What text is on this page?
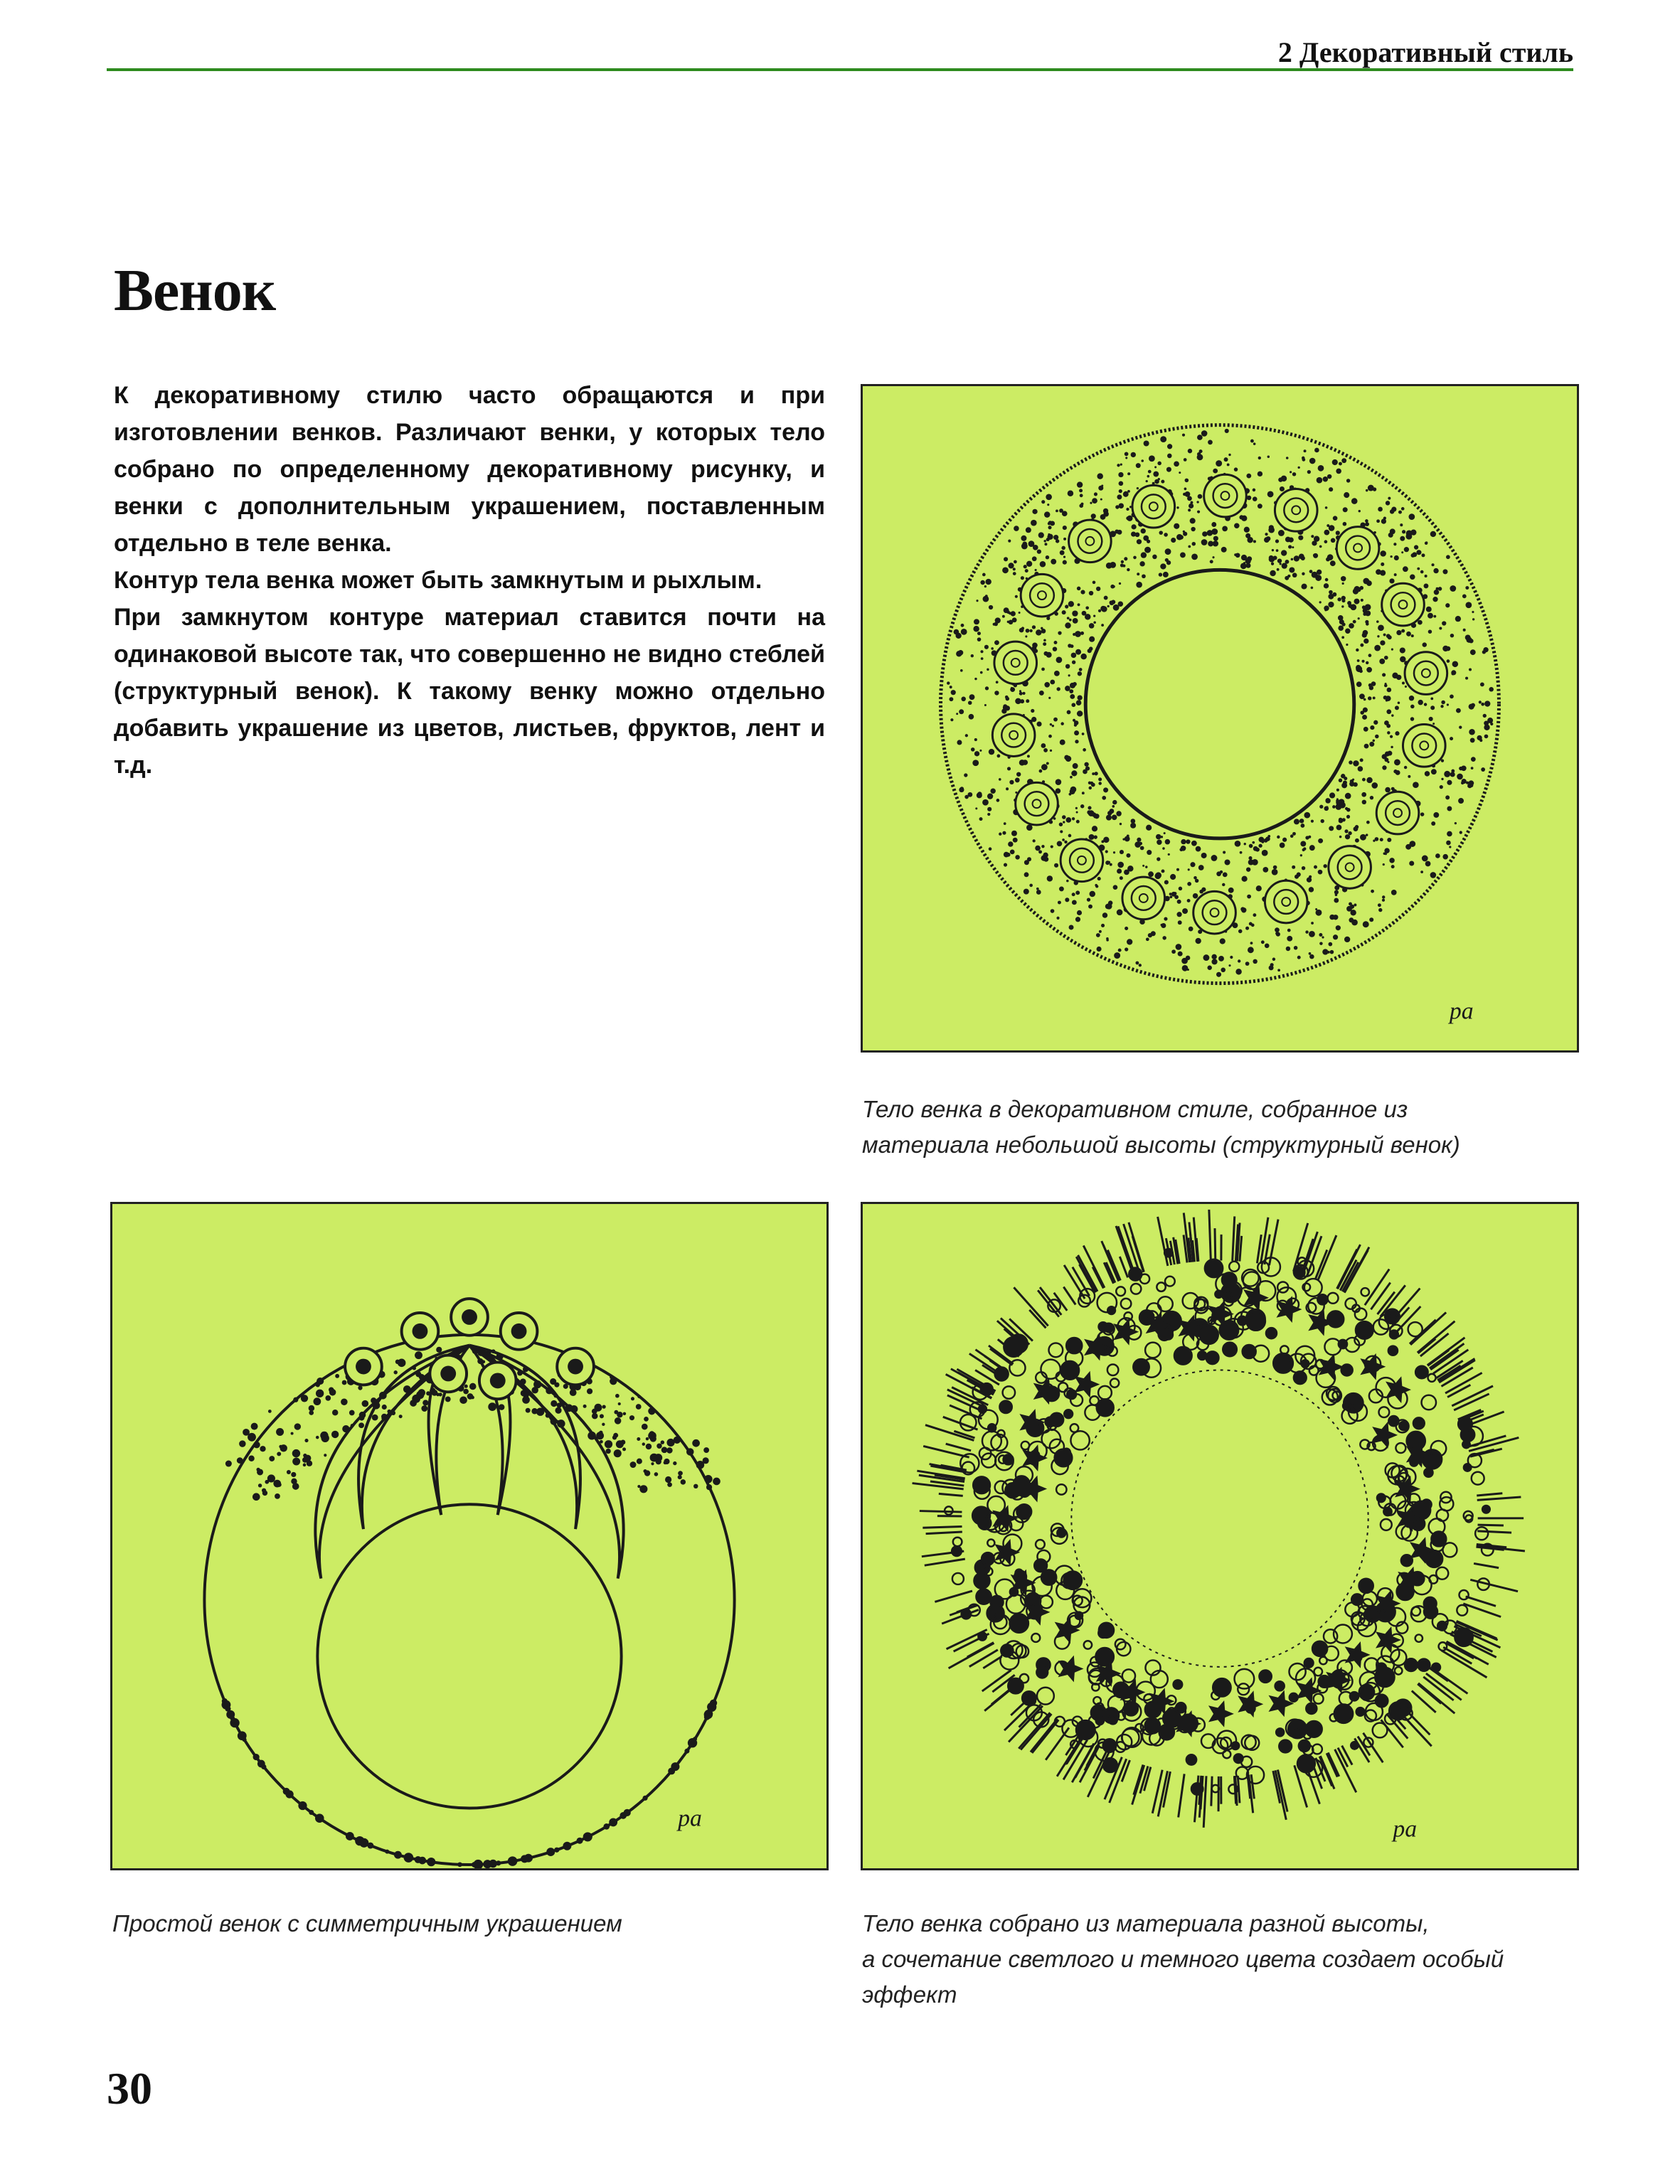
2 Декоративный стиль
Венок

К декоративному стилю часто обращаются и при изготовлении венков. Различают венки, у которых тело собрано по определенному декоративному рисунку, и венки с дополнительным украшением, поставленным отдельно в теле венка.

Контур тела венка может быть замкнутым и рыхлым.

При замкнутом контуре материал ставится почти на одинаковой высоте так, что совершенно не видно стеблей (структурный венок). К такому венку можно отдельно добавить украшение из цветов, листьев, фруктов, лент и т.д.

pa
Тело венка в декоративном стиле, собранное из
материала небольшой высоты (структурный венок)
pa
Простой венок с симметричным украшением
pa
Тело венка собрано из материала разной высоты,
а сочетание светлого и темного цвета создает особый
эффект
30
